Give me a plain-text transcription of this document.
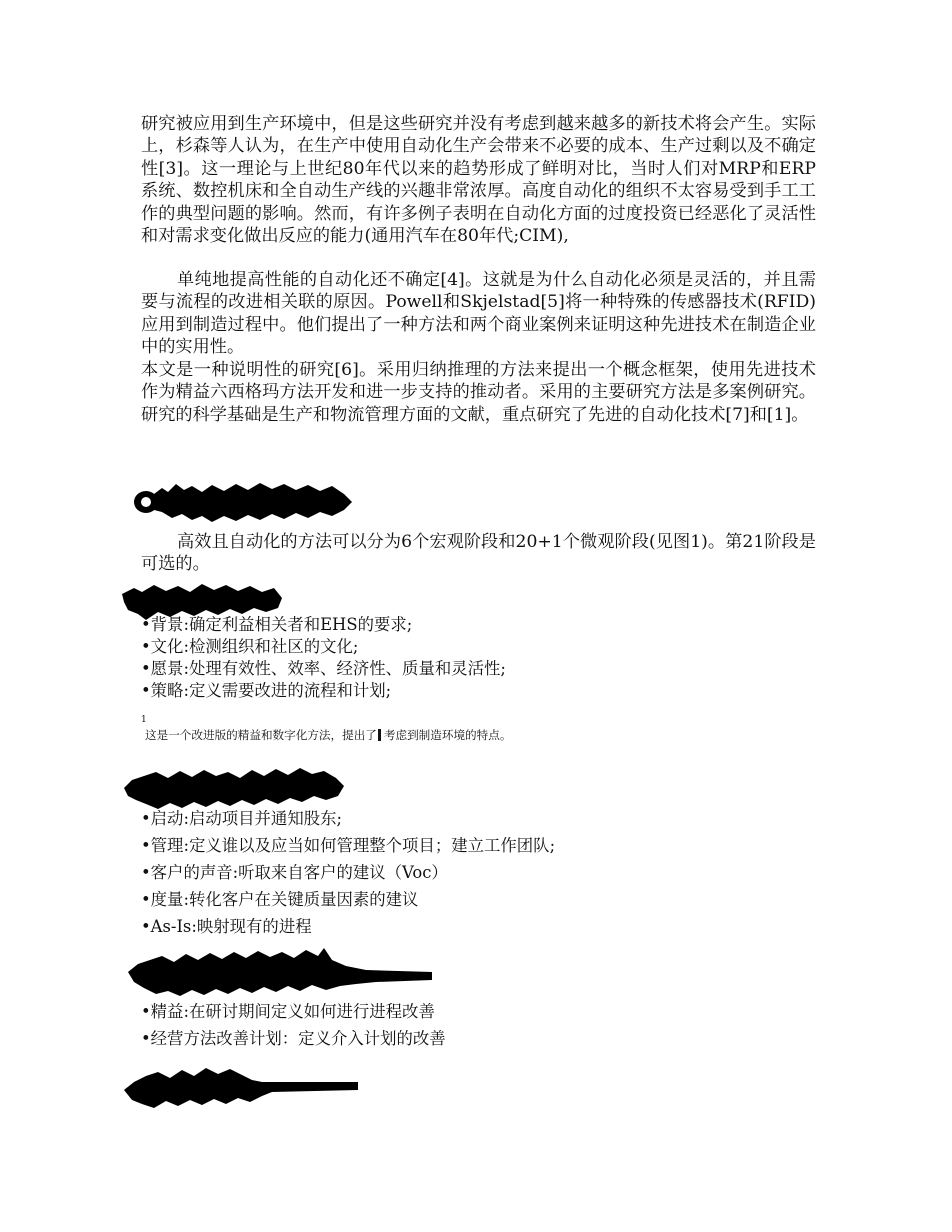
研究被应用到生产环境中，但是这些研究并没有考虑到越来越多的新技术将会产生。实际上，杉森等人认为，在生产中使用自动化生产会带来不必要的成本、生产过剩以及不确定性[3]。这一理论与上世纪80年代以来的趋势形成了鲜明对比，当时人们对MRP和ERP系统、数控机床和全自动生产线的兴趣非常浓厚。高度自动化的组织不太容易受到手工工作的典型问题的影响。然而，有许多例子表明在自动化方面的过度投资已经恶化了灵活性和对需求变化做出反应的能力(通用汽车在80年代;CIM),

单纯地提高性能的自动化还不确定[4]。这就是为什么自动化必须是灵活的，并且需要与流程的改进相关联的原因。Powell和Skjelstad[5]将一种特殊的传感器技术(RFID)应用到制造过程中。他们提出了一种方法和两个商业案例来证明这种先进技术在制造企业中的实用性。

本文是一种说明性的研究[6]。采用归纳推理的方法来提出一个概念框架，使用先进技术作为精益六西格玛方法开发和进一步支持的推动者。采用的主要研究方法是多案例研究。研究的科学基础是生产和物流管理方面的文献，重点研究了先进的自动化技术[7]和[1]。

高效且自动化的方法可以分为6个宏观阶段和20+1个微观阶段(见图1)。第21阶段是可选的。

•背景:确定利益相关者和EHS的要求;
•文化:检测组织和社区的文化;
•愿景:处理有效性、效率、经济性、质量和灵活性;
•策略:定义需要改进的流程和计划;
1
这是一个改进版的精益和数字化方法，提出了 考虑到制造环境的特点。
•启动:启动项目并通知股东;
•管理:定义谁以及应当如何管理整个项目；建立工作团队;
•客户的声音:听取来自客户的建议（Voc）
•度量:转化客户在关键质量因素的建议
•As-Is:映射现有的进程
•精益:在研讨期间定义如何进行进程改善
•经营方法改善计划：定义介入计划的改善
